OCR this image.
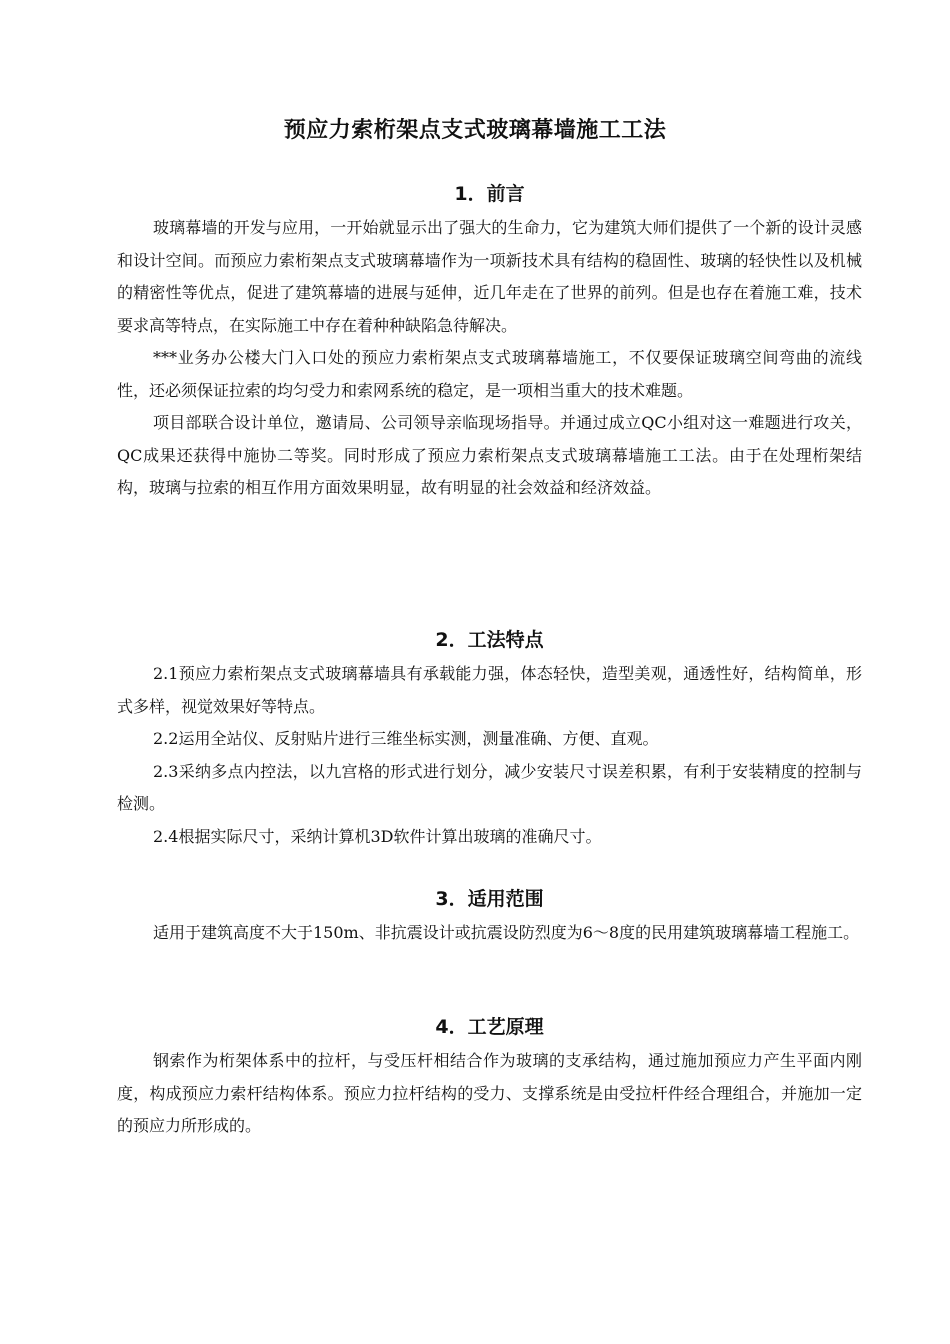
预应力索桁架点支式玻璃幕墙施工工法
1．前言

玻璃幕墙的开发与应用，一开始就显示出了强大的生命力，它为建筑大师们提供了一个新的设计灵感和设计空间。而预应力索桁架点支式玻璃幕墙作为一项新技术具有结构的稳固性、玻璃的轻快性以及机械的精密性等优点，促进了建筑幕墙的进展与延伸，近几年走在了世界的前列。但是也存在着施工难，技术要求高等特点，在实际施工中存在着种种缺陷急待解决。

***业务办公楼大门入口处的预应力索桁架点支式玻璃幕墙施工，不仅要保证玻璃空间弯曲的流线性，还必须保证拉索的均匀受力和索网系统的稳定，是一项相当重大的技术难题。

项目部联合设计单位，邀请局、公司领导亲临现场指导。并通过成立QC小组对这一难题进行攻关，QC成果还获得中施协二等奖。同时形成了预应力索桁架点支式玻璃幕墙施工工法。由于在处理桁架结构，玻璃与拉索的相互作用方面效果明显，故有明显的社会效益和经济效益。

2．工法特点

2.1预应力索桁架点支式玻璃幕墙具有承载能力强，体态轻快，造型美观，通透性好，结构简单，形式多样，视觉效果好等特点。

2.2运用全站仪、反射贴片进行三维坐标实测，测量准确、方便、直观。

2.3采纳多点内控法，以九宫格的形式进行划分，减少安装尺寸误差积累，有利于安装精度的控制与检测。

2.4根据实际尺寸，采纳计算机3D软件计算出玻璃的准确尺寸。

3．适用范围

适用于建筑高度不大于150m、非抗震设计或抗震设防烈度为6～8度的民用建筑玻璃幕墙工程施工。

4．工艺原理

钢索作为桁架体系中的拉杆，与受压杆相结合作为玻璃的支承结构，通过施加预应力产生平面内刚度，构成预应力索杆结构体系。预应力拉杆结构的受力、支撑系统是由受拉杆件经合理组合，并施加一定的预应力所形成的。
